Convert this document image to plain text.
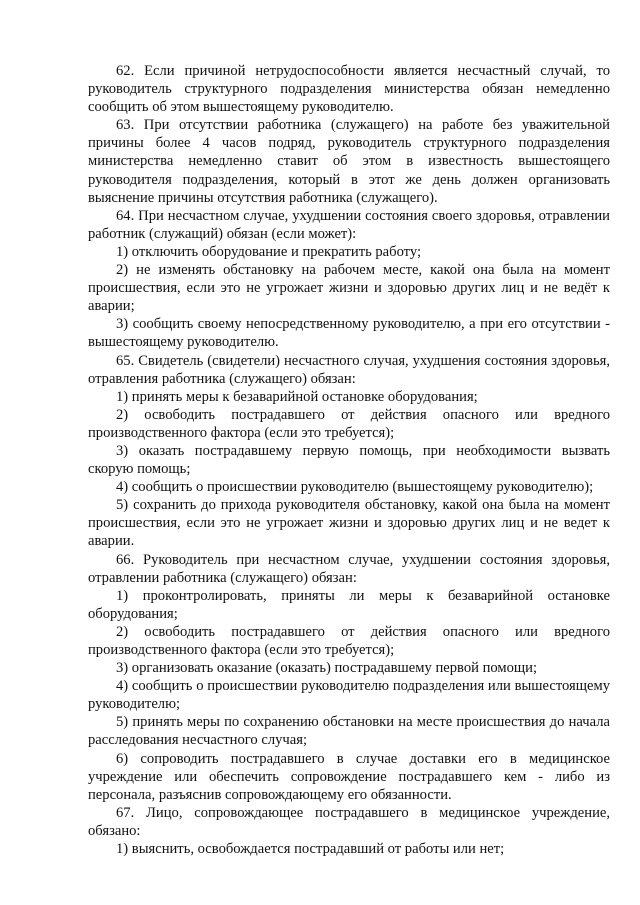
62. Если причиной нетрудоспособности является несчастный случай, то руководитель структурного подразделения министерства обязан немедленно сообщить об этом вышестоящему руководителю.

63. При отсутствии работника (служащего) на работе без уважительной причины более 4 часов подряд, руководитель структурного подразделения министерства немедленно ставит об этом в известность вышестоящего руководителя подразделения, который в этот же день должен организовать выяснение причины отсутствия работника (служащего).

64. При несчастном случае, ухудшении состояния своего здоровья, отравлении работник (служащий) обязан (если может):

1) отключить оборудование и прекратить работу;

2) не изменять обстановку на рабочем месте, какой она была на момент происшествия, если это не угрожает жизни и здоровью других лиц и не ведёт к аварии;

3) сообщить своему непосредственному руководителю, а при его отсутствии - вышестоящему руководителю.

65. Свидетель (свидетели) несчастного случая, ухудшения состояния здоровья, отравления работника (служащего) обязан:

1) принять меры к безаварийной остановке оборудования;

2) освободить пострадавшего от действия опасного или вредного производственного фактора (если это требуется);

3) оказать пострадавшему первую помощь, при необходимости вызвать скорую помощь;

4) сообщить о происшествии руководителю (вышестоящему руководителю);

5) сохранить до прихода руководителя обстановку, какой она была на момент происшествия, если это не угрожает жизни и здоровью других лиц и не ведет к аварии.

66. Руководитель при несчастном случае, ухудшении состояния здоровья, отравлении работника (служащего) обязан:

1) проконтролировать, приняты ли меры к безаварийной остановке оборудования;

2) освободить пострадавшего от действия опасного или вредного производственного фактора (если это требуется);

3) организовать оказание (оказать) пострадавшему первой помощи;

4) сообщить о происшествии руководителю подразделения или вышестоящему руководителю;

5) принять меры по сохранению обстановки на месте происшествия до начала расследования несчастного случая;

6) сопроводить пострадавшего в случае доставки его в медицинское учреждение или обеспечить сопровождение пострадавшего кем - либо из персонала, разъяснив сопровождающему его обязанности.

67. Лицо, сопровождающее пострадавшего в медицинское учреждение, обязано:

1) выяснить, освобождается пострадавший от работы или нет;
